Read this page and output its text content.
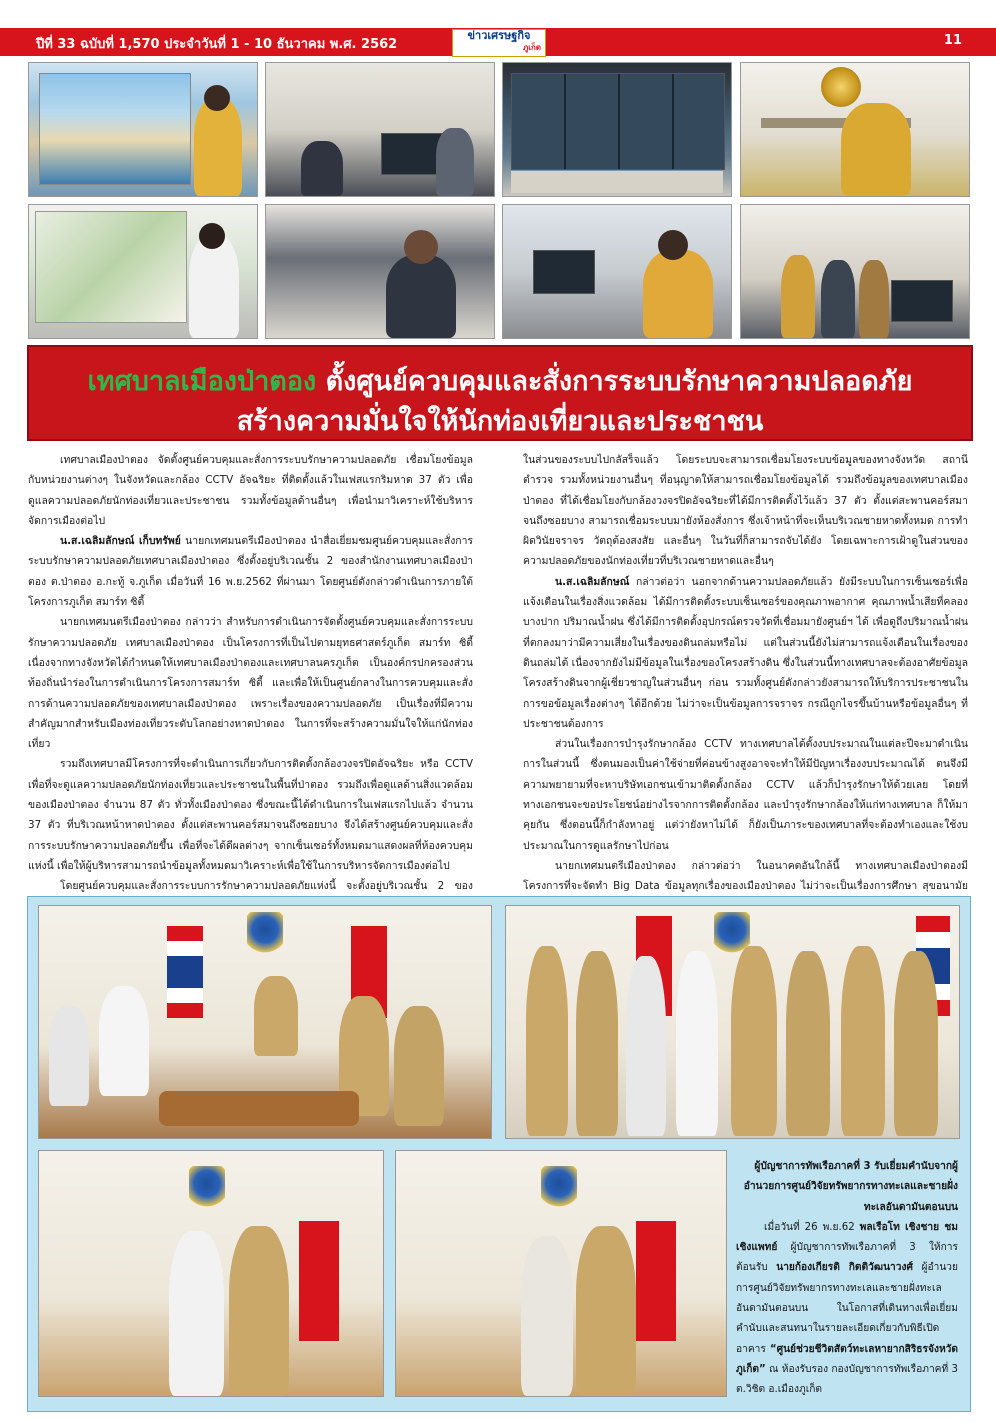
ปีที่ 33 ฉบับที่ 1,570 ประจำวันที่ 1 - 10 ธันวาคม พ.ศ. 2562	11
ข่าวเศรษฐกิจ
ภูเก็ต
เทศบาลเมืองป่าตอง ตั้งศูนย์ควบคุมและสั่งการระบบรักษาความปลอดภัย
สร้างความมั่นใจให้นักท่องเที่ยวและประชาชน

เทศบาลเมืองป่าตอง จัดตั้งศูนย์ควบคุมและสั่งการระบบรักษาความปลอดภัย เชื่อมโยงข้อมูลกับหน่วยงานต่างๆ ในจังหวัดและกล้อง CCTV อัจฉริยะ ที่ติดตั้งแล้วในเฟสแรกริมหาด 37 ตัว เพื่อดูแลความปลอดภัยนักท่องเที่ยวและประชาชน รวมทั้งข้อมูลด้านอื่นๆ เพื่อนำมาวิเคราะห์ใช้บริหารจัดการเมืองต่อไป

น.ส.เฉลิมลักษณ์ เก็บทรัพย์ นายกเทศมนตรีเมืองป่าตอง นำสื่อเยี่ยมชมศูนย์ควบคุมและสั่งการระบบรักษาความปลอดภัยเทศบาลเมืองป่าตอง ซึ่งตั้งอยู่บริเวณชั้น 2 ของสำนักงานเทศบาลเมืองป่าตอง ต.ป่าตอง อ.กะทู้ จ.ภูเก็ต เมื่อวันที่ 16 พ.ย.2562 ที่ผ่านมา โดยศูนย์ดังกล่าวดำเนินการภายใต้โครงการภูเก็ต สมาร์ท ซิตี้

นายกเทศมนตรีเมืองป่าตอง กล่าวว่า สำหรับการดำเนินการจัดตั้งศูนย์ควบคุมและสั่งการระบบรักษาความปลอดภัย เทศบาลเมืองป่าตอง เป็นโครงการที่เป็นไปตามยุทธศาสตร์ภูเก็ต สมาร์ท ซิตี้ เนื่องจากทางจังหวัดได้กำหนดให้เทศบาลเมืองป่าตองและเทศบาลนครภูเก็ต เป็นองค์กรปกครองส่วนท้องถิ่นนำร่องในการดำเนินการโครงการสมาร์ท ซิตี้ และเพื่อให้เป็นศูนย์กลางในการควบคุมและสั่งการด้านความปลอดภัยของเทศบาลเมืองป่าตอง เพราะเรื่องของความปลอดภัย เป็นเรื่องที่มีความสำคัญมากสำหรับเมืองท่องเที่ยวระดับโลกอย่างหาดป่าตอง ในการที่จะสร้างความมั่นใจให้แก่นักท่องเที่ยว

รวมถึงเทศบาลมีโครงการที่จะดำเนินการเกี่ยวกับการติดตั้งกล้องวงจรปิดอัจฉริยะ หรือ CCTV เพื่อที่จะดูแลความปลอดภัยนักท่องเที่ยวและประชาชนในพื้นที่ป่าตอง รวมถึงเพื่อดูแลด้านสิ่งแวดล้อมของเมืองป่าตอง จำนวน 87 ตัว ทั่วทั้งเมืองป่าตอง ซึ่งขณะนี้ได้ดำเนินการในเฟสแรกไปแล้ว จำนวน 37 ตัว ที่บริเวณหน้าหาดป่าตอง ตั้งแต่สะพานคอร์สมาจนถึงซอยบาง จึงได้สร้างศูนย์ควบคุมและสั่งการระบบรักษาความปลอดภัยขึ้น เพื่อที่จะได้ดีผลต่างๆ จากเซ็นเซอร์ทั้งหมดมาแสดงผลที่ห้องควบคุมแห่งนี้ เพื่อให้ผู้บริหารสามารถนำข้อมูลทั้งหมดมาวิเคราะห์เพื่อใช้ในการบริหารจัดการเมืองต่อไป

โดยศูนย์ควบคุมและสั่งการระบบการรักษาความปลอดภัยแห่งนี้ จะตั้งอยู่บริเวณชั้น 2 ของ

ในส่วนของระบบไปกลัสร็จแล้ว โดยระบบจะสามารถเชื่อมโยงระบบข้อมูลของทางจังหวัด สถานีตำรวจ รวมทั้งหน่วยงานอื่นๆ ที่อนุญาตให้สามารถเชื่อมโยงข้อมูลได้ รวมถึงข้อมูลของเทศบาลเมืองป่าตอง ที่ได้เชื่อมโยงกับกล้องวงจรปิดอัจฉริยะที่ได้มีการติดตั้งไว้แล้ว 37 ตัว ตั้งแต่สะพานคอร์สมาจนถึงซอยบาง สามารถเชื่อมระบบมายังห้องสั่งการ ซึ่งเจ้าหน้าที่จะเห็นบริเวณชายหาดทั้งหมด การทำผิดวินัยจราจร วัตถุต้องสงสัย และอื่นๆ ในวันที่ก็สามารถจับได้ยัง โดยเฉพาะการเฝ้าดูในส่วนของความปลอดภัยของนักท่องเที่ยวที่บริเวณชายหาดและอื่นๆ

น.ส.เฉลิมลักษณ์ กล่าวต่อว่า นอกจากด้านความปลอดภัยแล้ว ยังมีระบบในการเซ็นเซอร์เพื่อแจ้งเตือนในเรื่องสิ่งแวดล้อม ได้มีการติดตั้งระบบเซ็นเซอร์ของคุณภาพอากาศ คุณภาพน้ำเสียที่คลองบางปาก ปริมาณน้ำฝน ซึ่งได้มีการติดตั้งอุปกรณ์ตรวจวัดที่เชื่อมมายังศูนย์ฯ ได้ เพื่อดูถึงปริมาณน้ำฝนที่ตกลงมาว่ามีความเสี่ยงในเรื่องของดินถล่มหรือไม่ แต่ในส่วนนี้ยังไม่สามารถแจ้งเตือนในเรื่องของดินถล่มได้ เนื่องจากยังไม่มีข้อมูลในเรื่องของโครงสร้างดิน ซึ่งในส่วนนี้ทางเทศบาลจะต้องอาศัยข้อมูลโครงสร้างดินจากผู้เชี่ยวชาญในส่วนอื่นๆ ก่อน รวมทั้งศูนย์ดังกล่าวยังสามารถให้บริการประชาชนในการขอข้อมูลเรื่องต่างๆ ได้อีกด้วย ไม่ว่าจะเป็นข้อมูลการจราจร กรณีถูกไจรขึ้นบ้านหรือข้อมูลอื่นๆ ที่ประชาชนต้องการ

ส่วนในเรื่องการบำรุงรักษากล้อง CCTV ทางเทศบาลได้ตั้งงบประมาณในแต่ละปีจะมาดำเนินการในส่วนนี้ ซึ่งตนมองเป็นค่าใช้จ่ายที่ค่อนข้างสูงอาจจะทำให้มีปัญหาเรื่องงบประมาณได้ ตนจึงมีความพยายามที่จะหาบริษัทเอกชนเข้ามาติดตั้งกล้อง CCTV แล้วก็บำรุงรักษาให้ด้วยเลย โดยที่ทางเอกชนจะขอประโยชน์อย่างไรจากการติดตั้งกล้อง และบำรุงรักษากล้องให้แก่ทางเทศบาล ก็ให้มาคุยกัน ซึ่งตอนนี้ก็กำลังหาอยู่ แต่ว่ายังหาไม่ได้ ก็ยังเป็นภาระของเทศบาลที่จะต้องทำเองและใช้งบประมาณในการดูแลรักษาไปก่อน

นายกเทศมนตรีเมืองป่าตอง กล่าวต่อว่า ในอนาคตอันใกล้นี้ ทางเทศบาลเมืองป่าตองมีโครงการที่จะจัดทำ Big Data ข้อมูลทุกเรื่องของเมืองป่าตอง ไม่ว่าจะเป็นเรื่องการศึกษา สุขอนามัย

ผู้บัญชาการทัพเรือภาคที่ 3 รับเยี่ยมคำนับจากผู้อำนวยการศูนย์วิจัยทรัพยากรทางทะเลและชายฝั่งทะเลอันดามันตอนบน

เมื่อวันที่ 26 พ.ย.62 พลเรือโท เชิงชาย ชมเชิงแพทย์ ผู้บัญชาการทัพเรือภาคที่ 3 ให้การต้อนรับ นายก้องเกียรติ กิตติวัฒนาวงศ์ ผู้อำนวยการศูนย์วิจัยทรัพยากรทางทะเลและชายฝั่งทะเลอันดามันตอนบน ในโอกาสที่เดินทางเพื่อเยี่ยมคำนับและสนทนาในรายละเอียดเกี่ยวกับพิธีเปิดอาคาร “ศูนย์ช่วยชีวิตสัตว์ทะเลหายากสิริธรจังหวัดภูเก็ต” ณ ห้องรับรอง กองบัญชาการทัพเรือภาคที่ 3 ต.วิชิต อ.เมืองภูเก็ต
